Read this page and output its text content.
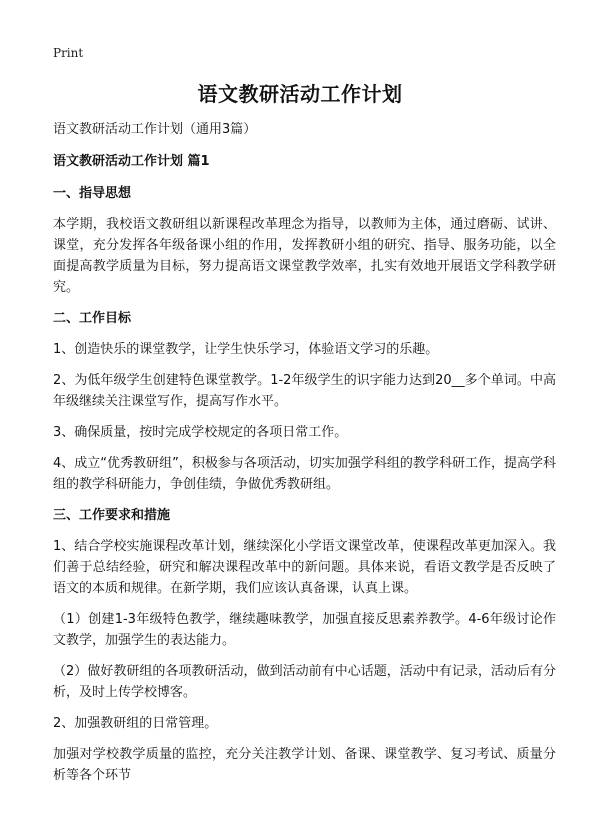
Print
语文教研活动工作计划

语文教研活动工作计划（通用3篇）

语文教研活动工作计划 篇1

一、指导思想

本学期，我校语文教研组以新课程改革理念为指导，以教师为主体，通过磨砺、试讲、课堂，充分发挥各年级备课小组的作用，发挥教研小组的研究、指导、服务功能，以全面提高教学质量为目标，努力提高语文课堂教学效率，扎实有效地开展语文学科教学研究。

二、工作目标

1、创造快乐的课堂教学，让学生快乐学习，体验语文学习的乐趣。

2、为低年级学生创建特色课堂教学。1-2年级学生的识字能力达到20__多个单词。中高年级继续关注课堂写作，提高写作水平。

3、确保质量，按时完成学校规定的各项日常工作。

4、成立“优秀教研组”，积极参与各项活动，切实加强学科组的教学科研工作，提高学科组的教学科研能力，争创佳绩，争做优秀教研组。

三、工作要求和措施

1、结合学校实施课程改革计划，继续深化小学语文课堂改革，使课程改革更加深入。我们善于总结经验，研究和解决课程改革中的新问题。具体来说，看语文教学是否反映了语文的本质和规律。在新学期，我们应该认真备课，认真上课。

（1）创建1-3年级特色教学，继续趣味教学，加强直接反思素养教学。4-6年级讨论作文教学，加强学生的表达能力。

（2）做好教研组的各项教研活动，做到活动前有中心话题，活动中有记录，活动后有分析，及时上传学校博客。

2、加强教研组的日常管理。

加强对学校教学质量的监控，充分关注教学计划、备课、课堂教学、复习考试、质量分析等各个环节
